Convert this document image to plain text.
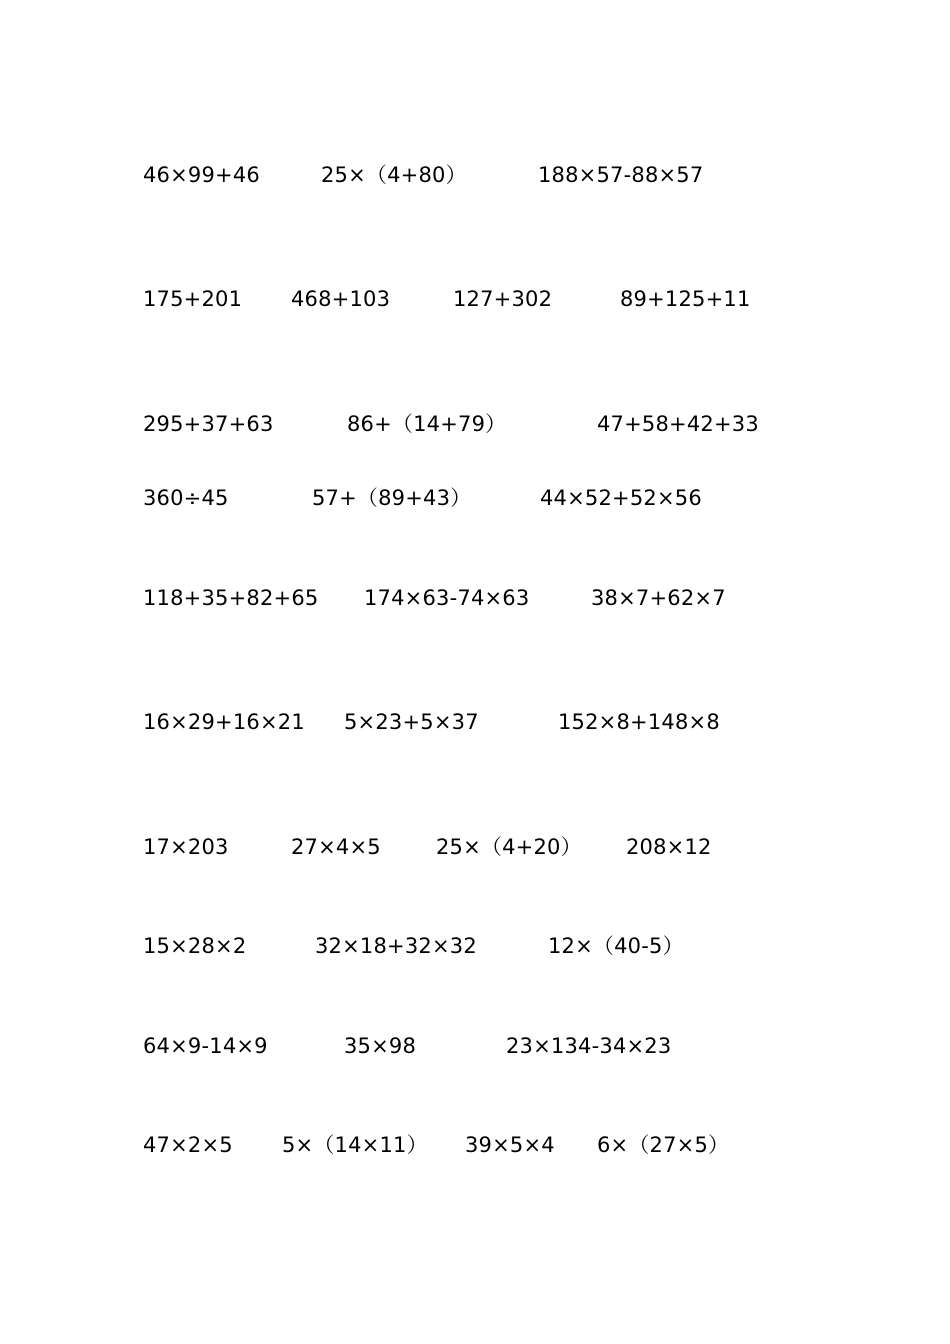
46×99+46	25×（4+80）	188×57-88×57
175+201 468+103	127+302	89+125+11
295+37+63	86+（14+79）	47+58+42+33
360÷45	57+（89+43）	44×52+52×56
118+35+82+65 174×63-74×63	38×7+62×7
16×29+16×21 5×23+5×37	152×8+148×8
17×203	27×4×5	25×（4+20） 208×12
15×28×2	32×18+32×32	12×（40-5）
64×9-14×9	35×98	23×134-34×23
47×2×5 5×（14×11） 39×5×4 6×（27×5）
